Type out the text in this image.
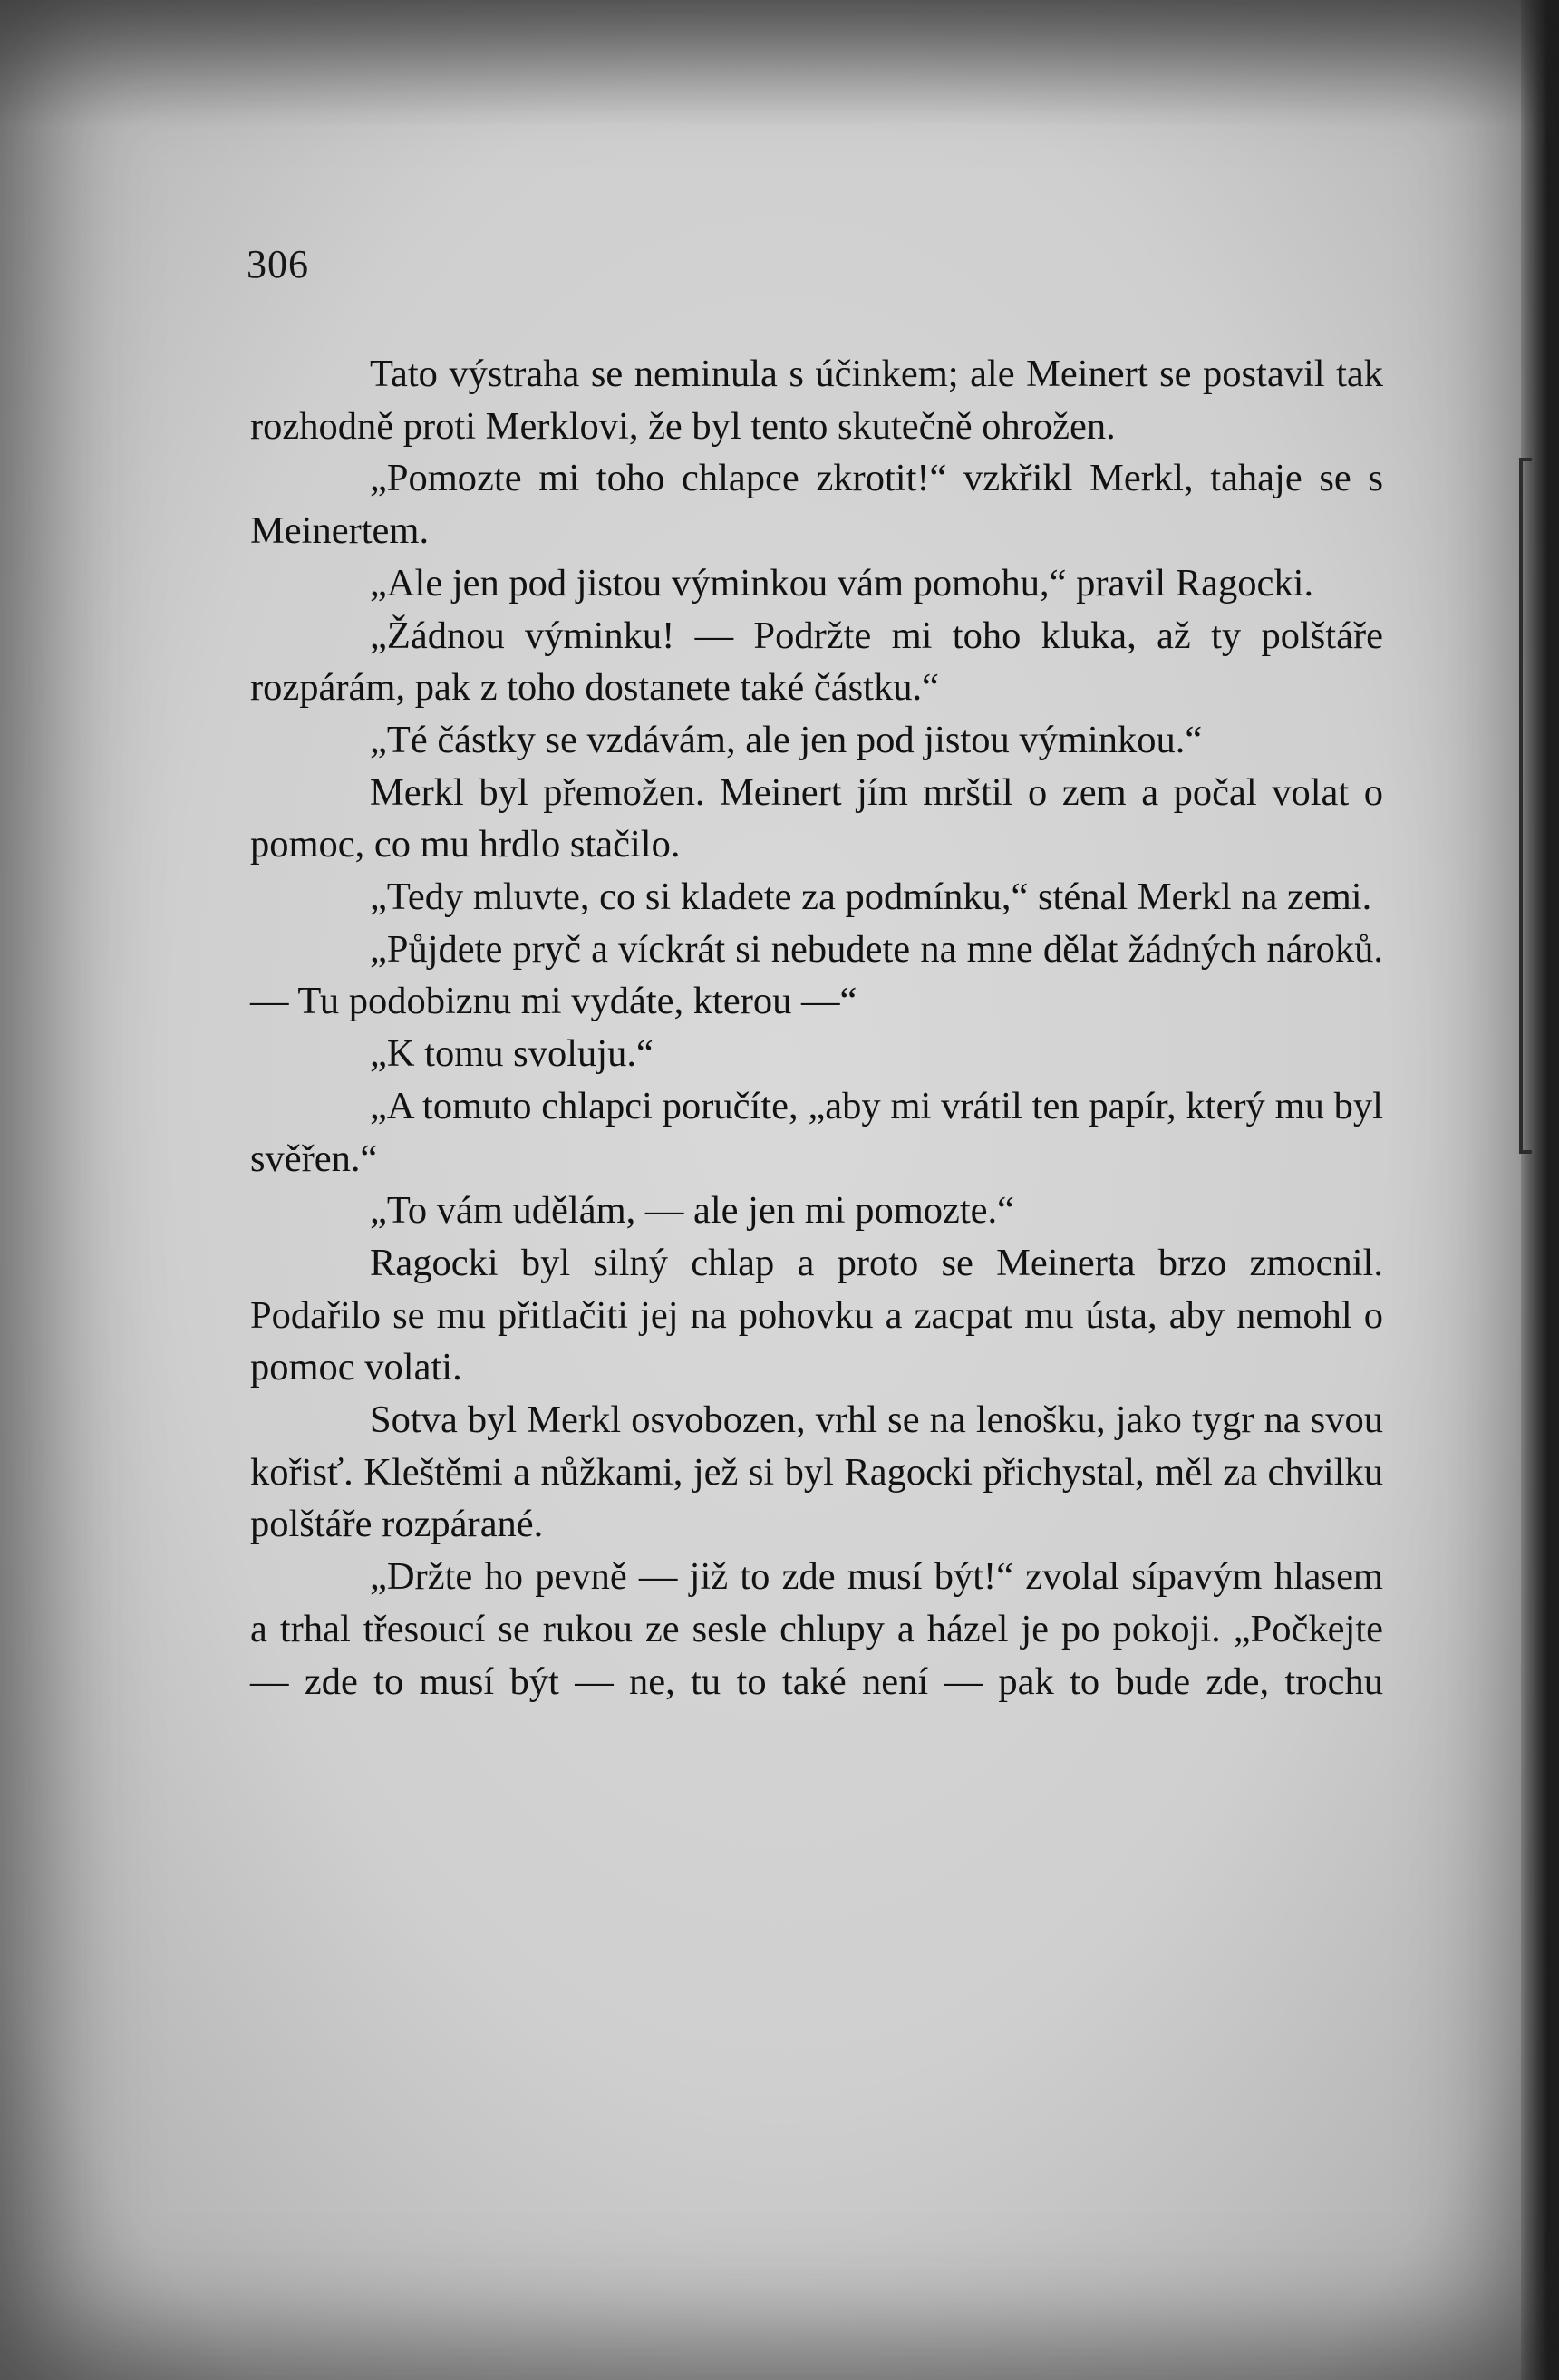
306

Tato výstraha se neminula s účinkem; ale Meinert se postavil tak rozhodně proti Merklovi, že byl tento skutečně ohrožen.

„Pomozte mi toho chlapce zkrotit!“ vzkřikl Merkl, tahaje se s Meinertem.

„Ale jen pod jistou výminkou vám pomohu,“ pravil Ragocki.

„Žádnou výminku! — Podržte mi toho kluka, až ty polštáře rozpárám, pak z toho dostanete také částku.“

„Té částky se vzdávám, ale jen pod jistou výminkou.“

Merkl byl přemožen. Meinert jím mrštil o zem a počal volat o pomoc, co mu hrdlo stačilo.

„Tedy mluvte, co si kladete za podmínku,“ sténal Merkl na zemi.

„Půjdete pryč a víckrát si nebudete na mne dělat žádných nároků. — Tu podobiznu mi vydáte, kterou —“

„K tomu svoluju.“

„A tomuto chlapci poručíte, „aby mi vrátil ten papír, který mu byl svěřen.“

„To vám udělám, — ale jen mi pomozte.“

Ragocki byl silný chlap a proto se Meinerta brzo zmocnil. Podařilo se mu přitlačiti jej na pohovku a zacpat mu ústa, aby nemohl o pomoc volati.

Sotva byl Merkl osvobozen, vrhl se na lenošku, jako tygr na svou kořisť. Kleštěmi a nůžkami, jež si byl Ragocki přichystal, měl za chvilku polštáře rozpárané.

„Držte ho pevně — již to zde musí být!“ zvolal sípavým hlasem a trhal třesoucí se rukou ze sesle chlupy a házel je po pokoji. „Počkejte — zde to musí být — ne, tu to také není — pak to bude zde, trochu
